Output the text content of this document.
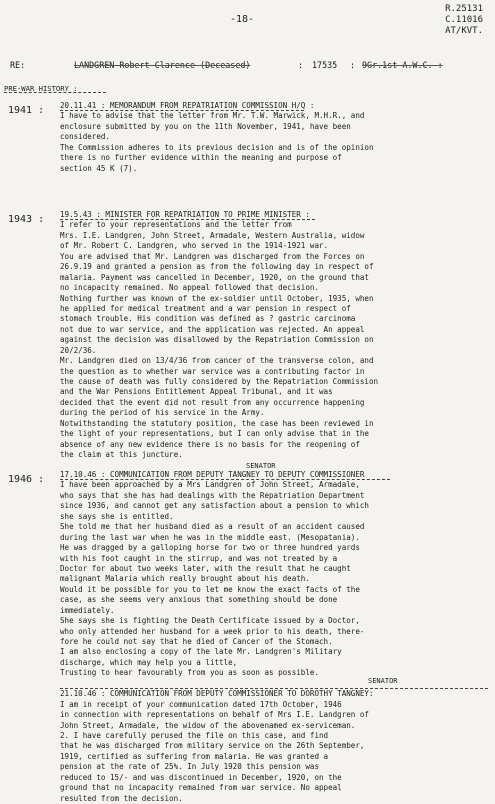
-18-
R.25131
C.11016
AT/KVT.
RE:	LANDGREN Robert Clarence (Deceased)	: 17535 : 9Gr.1st A.W.C. :
PRE-WAR HISTORY :
1941 : 20.11.41 : MEMORANDUM FROM REPATRIATION COMMISSION H/Q :
I have to advise that the letter from Mr. T.W. Marwick, M.H.R., and
enclosure submitted by you on the 11th November, 1941, have been
considered.
The Commission adheres to its previous decision and is of the opinion
there is no further evidence within the meaning and purpose of
section 45 K (7).
1943 : 19.5.43 : MINISTER FOR REPATRIATION TO PRIME MINISTER :
I refer to your representations and the letter from
Mrs. I.E. Landgren, John Street, Armadale, Western Australia, widow
of Mr. Robert C. Landgren, who served in the 1914-1921 war.
You are advised that Mr. Landgren was discharged from the Forces on
26.9.19 and granted a pension as from the following day in respect of
malaria. Payment was cancelled in December, 1920, on the ground that
no incapacity remained. No appeal followed that decision.
Nothing further was known of the ex-soldier until October, 1935, when
he applied for medical treatment and a war pension in respect of
stomach trouble. His condition was defined as ? gastric carcinoma
not due to war service, and the application was rejected. An appeal
against the decision was disallowed by the Repatriation Commission on
20/2/36.
Mr. Landgren died on 13/4/36 from cancer of the transverse colon, and
the question as to whether war service was a contributing factor in
the cause of death was fully considered by the Repatriation Commission
and the War Pensions Entitlement Appeal Tribunal, and it was
decided that the event did not result from any occurrence happening
during the period of his service in the Army.
Notwithstanding the statutory position, the case has been reviewed in
the light of your representations, but I can only advise that in the
absence of any new evidence there is no basis for the reopening of
the claim at this juncture.
SENATOR
1946 : 17.10.46 : COMMUNICATION FROM DEPUTY TANGNEY TO DEPUTY COMMISSIONER
I have been approached by a Mrs Landgren of John Street, Armadale,
who says that she has had dealings with the Repatriation Department
since 1936, and cannot get any satisfaction about a pension to which
she says she is entitled.
She told me that her husband died as a result of an accident caused
during the last war when he was in the middle east. (Mesopatania).
He was dragged by a galloping horse for two or three hundred yards
with his foot caught in the stirrup, and was not treated by a
Doctor for about two weeks later, with the result that he caught
malignant Malaria which really brought about his death.
Would it be possible for you to let me know the exact facts of the
case, as she seems very anxious that something should be done
immediately.
She says she is fighting the Death Certificate issued by a Doctor,
who only attended her husband for a week prior to his death, there-
fore he could not say that he died of Cancer of the Stomach.
I am also enclosing a copy of the late Mr. Landgren's Military
discharge, which may help you a little,
Trusting to hear favourably from you as soon as possible.
21.10.46 : COMMUNICATION FROM DEPUTY COMMISSIONER TO DOROTHY TANGNEY:
I am in receipt of your communication dated 17th October, 1946
in connection with representations on behalf of Mrs I.E. Landgren of
John Street, Armadale, the widow of the abovenamed ex-serviceman.
2. I have carefully perused the file on this case, and find
that he was discharged from military service on the 26th September,
1919, certified as suffering from malaria. He was granted a
pension at the rate of 25%. In July 1920 this pension was
reduced to 15/- and was discontinued in December, 1920, on the
ground that no incapacity remained from war service. No appeal
resulted from the decision.
SENATOR
